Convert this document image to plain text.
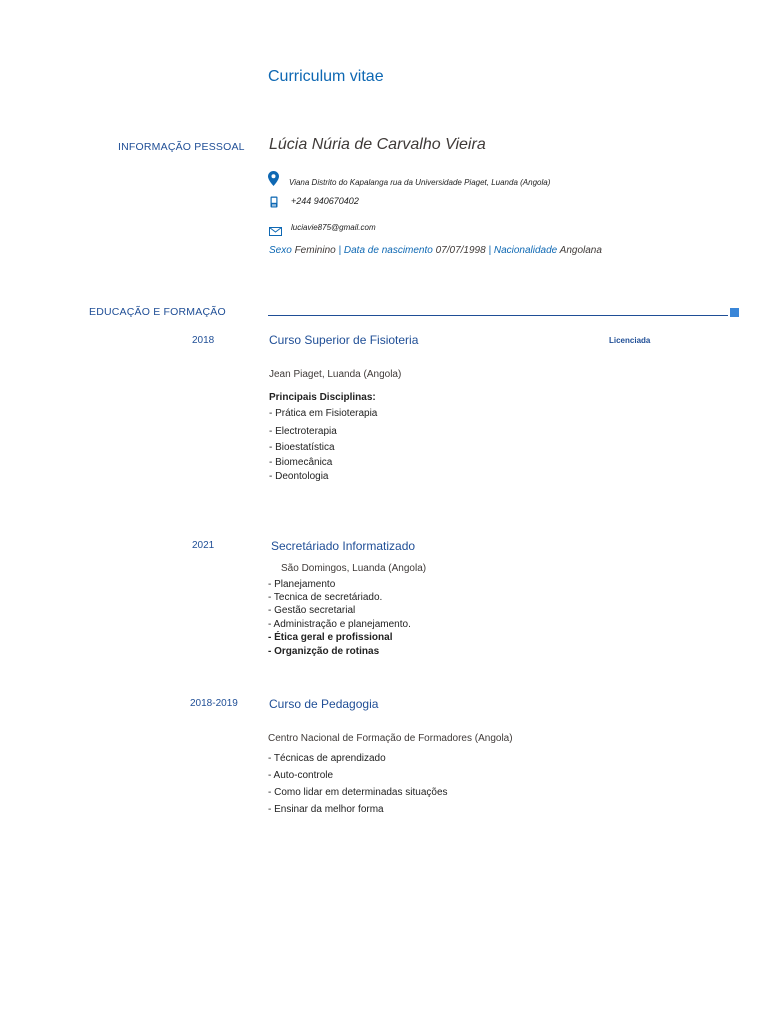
Curriculum vitae
INFORMAÇÃO PESSOAL Lúcia Núria de Carvalho Vieira
Viana Distrito do Kapalanga rua da Universidade Piaget, Luanda (Angola)
+244 940670402
luciavie875@gmail.com
Sexo Feminino | Data de nascimento 07/07/1998 | Nacionalidade Angolana
EDUCAÇÃO E FORMAÇÃO
2018	Curso Superior de Fisioteria	Licenciada
Jean Piaget, Luanda (Angola)
Principais Disciplinas:
- Prática em Fisioterapia
- Electroterapia
- Bioestatística
- Biomecânica
- Deontologia
2021	Secretáriado Informatizado
São Domingos, Luanda (Angola)
- Planejamento
- Tecnica de secretáriado.
- Gestão secretarial
- Administração e planejamento.
- Ética geral e profissional
- Organizção de rotinas
2018-2019	Curso de Pedagogia
Centro Nacional de Formação de Formadores (Angola)
- Técnicas de aprendizado
- Auto-controle
- Como lidar em determinadas situações
- Ensinar da melhor forma
